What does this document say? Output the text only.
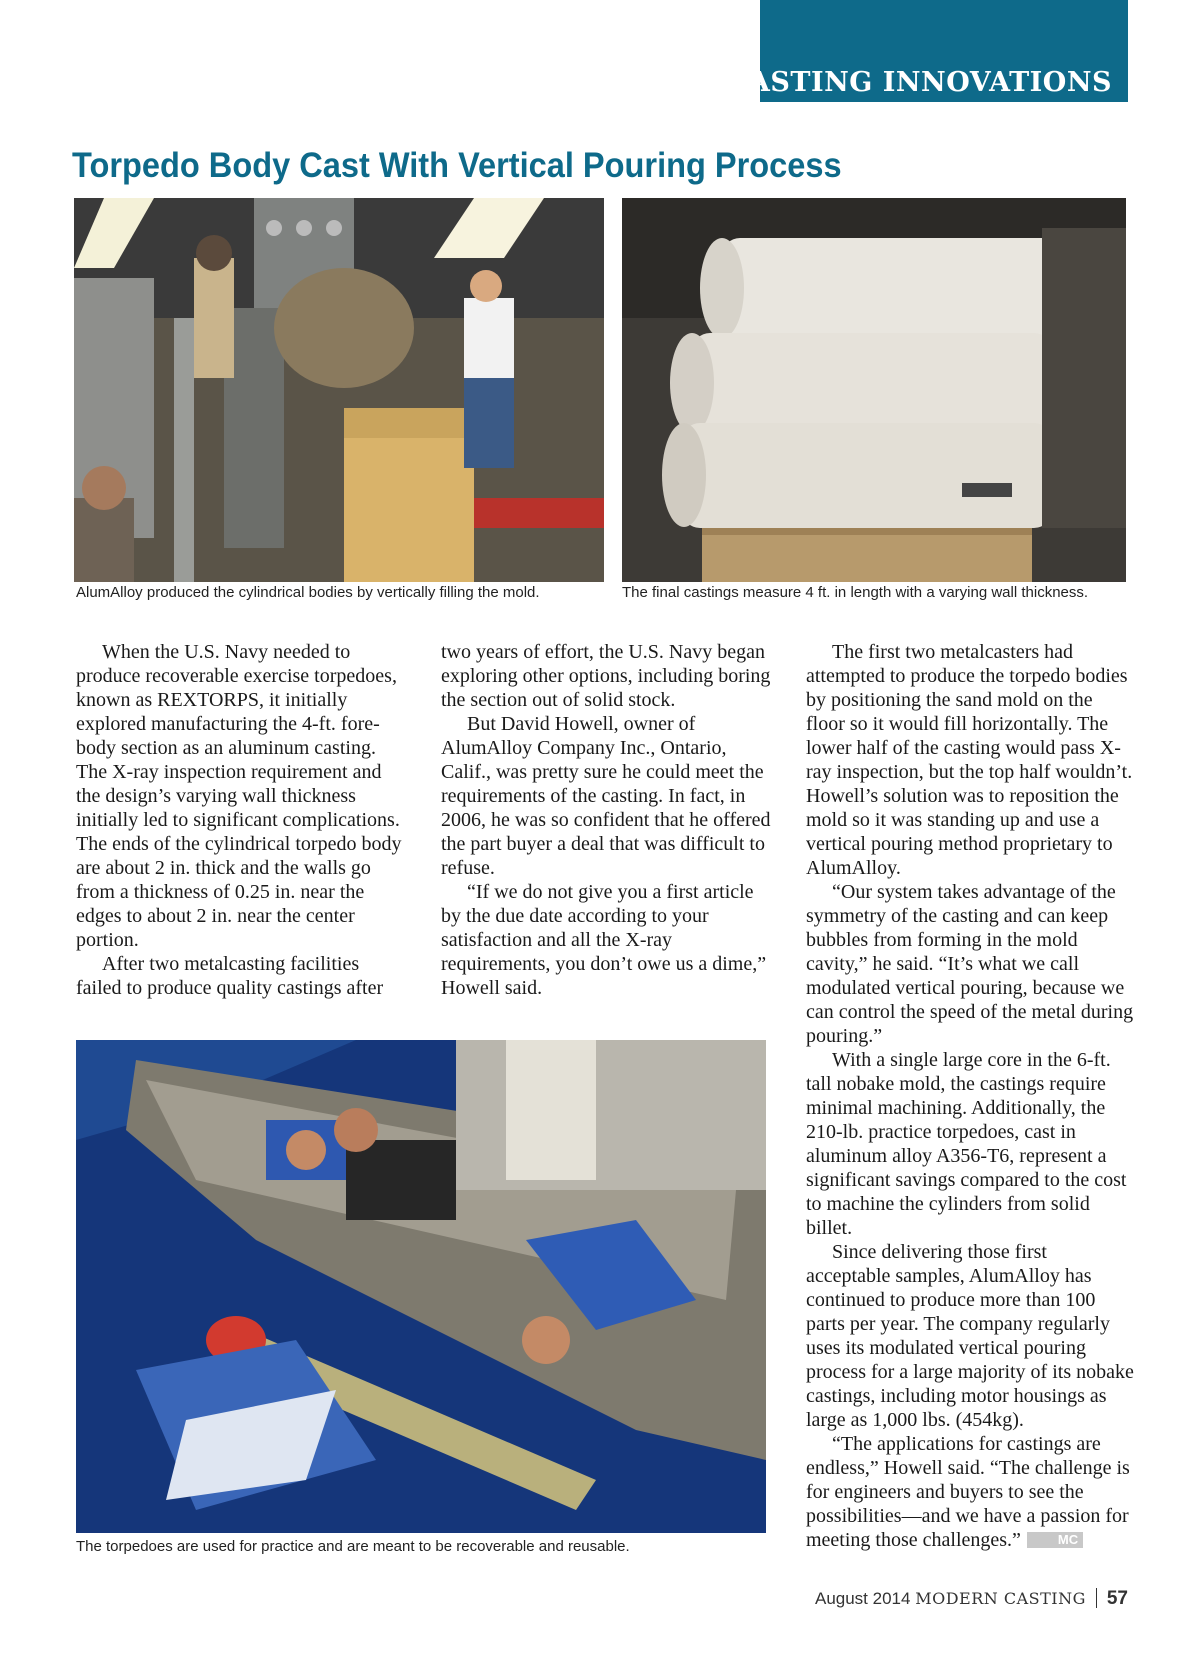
CASTING INNOVATIONS
Torpedo Body Cast With Vertical Pouring Process

AlumAlloy produced the cylindrical bodies by vertically filling the mold.	The final castings measure 4 ft. in length with a varying wall thickness.

When the U.S. Navy needed to produce recoverable exercise torpedoes, known as REXTORPS, it initially explored manufacturing the 4-ft. fore-body section as an aluminum casting. The X-ray inspection requirement and the design’s varying wall thickness initially led to significant complications. The ends of the cylindrical torpedo body are about 2 in. thick and the walls go from a thickness of 0.25 in. near the edges to about 2 in. near the center portion.

After two metalcasting facilities failed to produce quality castings after

two years of effort, the U.S. Navy began exploring other options, including boring the section out of solid stock.

But David Howell, owner of AlumAlloy Company Inc., Ontario, Calif., was pretty sure he could meet the requirements of the casting. In fact, in 2006, he was so confident that he offered the part buyer a deal that was difficult to refuse.

“If we do not give you a first article by the due date according to your satisfaction and all the X-ray requirements, you don’t owe us a dime,” Howell said.

The first two metalcasters had attempted to produce the torpedo bodies by positioning the sand mold on the floor so it would fill horizontally. The lower half of the casting would pass X-ray inspection, but the top half wouldn’t. Howell’s solution was to reposition the mold so it was standing up and use a vertical pouring method proprietary to AlumAlloy.

“Our system takes advantage of the symmetry of the casting and can keep bubbles from forming in the mold cavity,” he said. “It’s what we call modulated vertical pouring, because we can control the speed of the metal during pouring.”

With a single large core in the 6-ft. tall nobake mold, the castings require minimal machining. Additionally, the 210-lb. practice torpedoes, cast in aluminum alloy A356-T6, represent a significant savings compared to the cost to machine the cylinders from solid billet.

Since delivering those first acceptable samples, AlumAlloy has continued to produce more than 100 parts per year. The company regularly uses its modulated vertical pouring process for a large majority of its nobake castings, including motor housings as large as 1,000 lbs. (454kg).

“The applications for castings are endless,” Howell said. “The challenge is for engineers and buyers to see the possibilities—and we have a passion for meeting those challenges.”	MC

The torpedoes are used for practice and are meant to be recoverable and reusable.

August 2014 MODERN CASTING 57
